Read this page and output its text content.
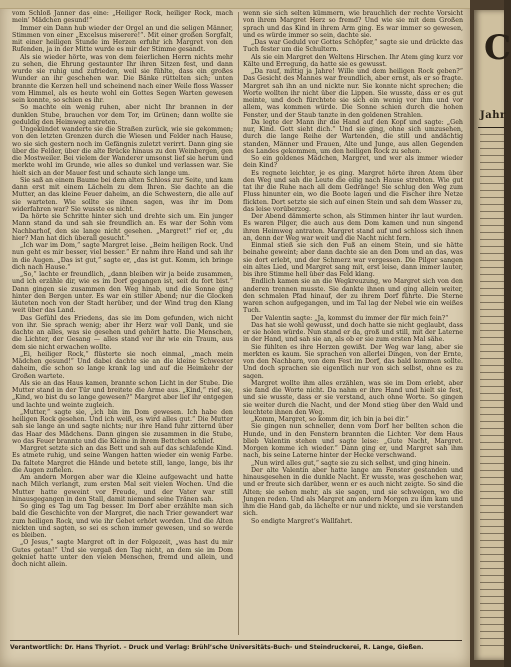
vom Schloß Janner das eine: „Heiliger Rock, heiliger Rock, mach mein’ Mädchen gesund!“

Immer ein Dann hub wieder der Orgel an und die seligen Männer, Stimmen von einer „Excelsus miserere!“. Mit einer großen Sorgfalt, mit einer heiligen Stunde im Herzen erfuhr ich Margret von den Rufenden, ja in der Mitte wurde es mir der Stimme gesandt.

Als sie wieder hörte, was von dem feierlichen Herrn nichts mehr zu sehen, die Ehrung gestaunter Ihr ihren Sitzen fest, und dann wurde sie ruhig und zufrieden, weil sie fühlte, dass ein großes Wunder an ihr geschehen war. Die Bänke rüttelten sich; unten brannte die Kerzen hell und scheinend nach einer Weile floss Wasser vom Himmel, als es heute wohl ein Gottes Segen Warten gewesen sein konnte, so schien es ihr.

So machte ein wenig ruhen, aber nicht Ihr brannen in der dunklen Stube, brauchen vor dem Tor, im Grünen; dann wollte sie geduldig den Heimweg antreten.

Ungekündet wanderte sie die Straßen zurück, wie sie gekommen; von den letzten Grenzen durch die Wiesen und Felder nach Hause, wo sie sich gestern noch im Gefängnis zuletzt verirrt. Dann ging sie über die Felder, über die alte Brücke hinaus zu den Weinbergen, gen die Mostweiler. Bei vielem der Wanderer umsonst lief sie herum und merkte wohl im Grunde, wie alles so dunkel und verlassen war. Sie hielt sich an der Mauer fest und schaute sich lange um.

Sie saß an einem Baume bei dem alten Schloss zur Seite, und kam dann erst mit einem Lächeln zu dem Ihren. Sie dachte an die Mutter, an das kleine Feuer daheim, an die Schwestern, die alle auf sie warteten. Wie sollte sie ihnen sagen, was ihr im Dom widerfahren war? Sie wusste es nicht.

Da hörte sie Schritte hinter sich und drehte sich um. Ein junger Mann stand da und sah sie freundlich an. Es war der Sohn vom Nachbarhof, den sie lange nicht gesehen. „Margret!“ rief er, „du hier? Man hat dich überall gesucht.“

„Ich war im Dom,“ sagte Margret leise. „Beim heiligen Rock. Und nun geht es mir besser, viel besser.“ Er nahm ihre Hand und sah ihr in die Augen. „Das ist gut,“ sagte er, „das ist gut. Komm, ich bringe dich nach Hause.“

„So,“ lachte er freundlich, „dann bleiben wir ja beide zusammen, und ich erzähle dir, wie es im Dorf gegangen ist, seit du fort bist.“ Dann gingen sie zusammen den Weg hinab, und die Sonne ging hinter den Bergen unter. Es war ein stiller Abend; nur die Glocken läuteten noch von der Stadt herüber, und der Wind trug den Klang weit über das Land.

Das Gefühl des Friedens, das sie im Dom gefunden, wich nicht von ihr. Sie sprach wenig; aber ihr Herz war voll Dank, und sie dachte an alles, was sie gesehen und gehört hatte. Die Menschen, die Lichter, der Gesang — alles stand vor ihr wie ein Traum, aus dem sie nicht erwachen wollte.

„Ei, heiliger Rock,“ flüsterte sie noch einmal, „mach mein Mädchen gesund!“ Und dabei dachte sie an die kleine Schwester daheim, die schon so lange krank lag und auf die Heimkehr der Großen wartete.

Als sie an das Haus kamen, brannte schon Licht in der Stube. Die Mutter stand in der Tür und breitete die Arme aus. „Kind,“ rief sie, „Kind, wo bist du so lange gewesen?“ Margret aber lief ihr entgegen und lachte und weinte zugleich.

„Mutter,“ sagte sie, „ich bin im Dom gewesen. Ich habe den heiligen Rock gesehen. Und ich weiß, es wird alles gut.“ Die Mutter sah sie lange an und sagte nichts; nur ihre Hand fuhr zitternd über das Haar des Mädchens. Dann gingen sie zusammen in die Stube, wo das Feuer brannte und die Kleine in ihrem Bettchen schlief.

Margret setzte sich an das Bett und sah auf das schlafende Kind. Es atmete ruhig, und seine Wangen hatten wieder ein wenig Farbe. Da faltete Margret die Hände und betete still, lange, lange, bis ihr die Augen zufielen.

Am andern Morgen aber war die Kleine aufgewacht und hatte nach Milch verlangt, zum ersten Mal seit vielen Wochen. Und die Mutter hatte geweint vor Freude, und der Vater war still hinausgegangen in den Stall, damit niemand seine Tränen sah.

So ging es Tag um Tag besser. Im Dorf aber erzählte man sich bald die Geschichte von der Margret, die nach Trier gewandert war zum heiligen Rock, und wie ihr Gebet erhört worden. Und die Alten nickten und sagten, so sei es schon immer gewesen, und so werde es bleiben.

„O Jesus,“ sagte Margret oft in der Folgezeit, „was hast du mir Gutes getan!“ Und sie vergaß den Tag nicht, an dem sie im Dom gekniet hatte unter den vielen Menschen, fremd und allein, und doch nicht allein.

wenn sie sich selten kümmern, wie brauchlich der rechte Vorsicht von ihrem Margret Herz so fremd? Und wie sie mit dem Großen sprach und das Kind in ihrem Arm ging. Es war immer so gewesen, und es würde immer so sein, dachte sie.

„Das war Geduld vor Gottes Schöpfer,“ sagte sie und drückte das Tuch fester um die Schultern.

Als sie ein Margret den Weltens Hirschen. Ihr Atem ging kurz vor Kälte und Erregung, da hatte sie es gewusst.

„Da rauf, mittig ja Jahre! Wille und dem heiligen Rock geben?“ Das Gesicht des Mannes war freundlich, aber ernst, als er so fragte. Margret sah ihn an und nickte nur. Sie konnte nicht sprechen; die Worte wollten ihr nicht über die Lippen. Sie wusste, dass er es gut meinte, und doch fürchtete sie sich ein wenig vor ihm und vor allem, was kommen würde. Die Sonne schien durch die hohen Fenster, und der Staub tanzte in den goldenen Strahlen.

Da legte der Mann ihr die Hand auf den Kopf und sagte: „Geh nur, Kind. Gott sieht dich.“ Und sie ging, ohne sich umzusehen, durch die lange Reihe der Wartenden, die still und andächtig standen, Männer und Frauen, Alte und Junge, aus allen Gegenden des Landes gekommen, um den heiligen Rock zu sehen.

So ein goldenes Mädchen, Margret, und wer als immer wieder dein Kind?

Es regnete leichter, je es ging. Margret hörte ihren Atem über den Weg und sah die Leute die eilig nach Hause strebten. Wie gut tat ihr die Ruhe nach all dem Gedränge! Sie schlug den Weg zum Fluss hinunter ein, wo die Boote lagen und die Fischer ihre Netze flickten. Dort setzte sie sich auf einen Stein und sah dem Wasser zu, das leise vorüberzog.

Der Abend dämmerte schon, als Stimmen hinter ihr laut wurden. Es waren Pilger, die auch aus dem Dom kamen und nun singend ihren Heimweg antraten. Margret stand auf und schloss sich ihnen an, denn der Weg war weit und die Nacht nicht fern.

Einmal stieß sie sich den Fuß an einem Stein, und sie hätte beinahe geweint; aber dann dachte sie an den Dom und an das, was sie dort erlebt, und der Schmerz war vergessen. Die Pilger sangen ein altes Lied, und Margret sang mit, erst leise, dann immer lauter, bis ihre Stimme hell über das Feld klang.

Endlich kamen sie an die Wegkreuzung, wo Margret sich von den anderen trennen musste. Sie dankte ihnen und ging allein weiter, den schmalen Pfad hinauf, der zu ihrem Dorf führte. Die Sterne waren schon aufgegangen, und im Tal lag der Nebel wie ein weißes Tuch.

Der Valentin sagte: „Ja, kommst du immer der für mich fein?“

Das hat sie wohl gewusst, und doch hatte sie nicht geglaubt, dass er sie holen würde. Nun stand er da, groß und still, mit der Laterne in der Hand, und sah sie an, als ob er sie zum ersten Mal sähe.

Sie fühlten es ihre Herzen gewißt. Der Weg war lang, aber sie merkten es kaum. Sie sprachen von allerlei Dingen, von der Ernte, von den Nachbarn, von dem Fest im Dorf, das bald kommen sollte. Und doch sprachen sie eigentlich nur von sich selbst, ohne es zu sagen.

Margret wollte ihm alles erzählen, was sie im Dom erlebt, aber sie fand die Worte nicht. Da nahm er ihre Hand und hielt sie fest, und sie wusste, dass er sie verstand, auch ohne Worte. So gingen sie weiter durch die Nacht, und der Mond stieg über den Wald und leuchtete ihnen den Weg.

„Komm, Margret, so komm dir, ich bin ja bei dir.“

Sie gingen nun schneller, denn vom Dorf her bellten schon die Hunde, und in den Fenstern brannten die Lichter. Vor dem Haus blieb Valentin stehen und sagte leise: „Gute Nacht, Margret. Morgen komme ich wieder.“ Dann ging er, und Margret sah ihm nach, bis seine Laterne hinter der Hecke verschwand.

„Nun wird alles gut,“ sagte sie zu sich selbst, und ging hinein.

Der alte Valentin aber hatte lange am Fenster gestanden und hinausgesehen in die dunkle Nacht. Er wusste, was geschehen war, und er freute sich darüber, wenn er es auch nicht zeigte. So sind die Alten; sie sehen mehr, als sie sagen, und sie schweigen, wo die Jungen reden. Und als Margret am andern Morgen zu ihm kam und ihm die Hand gab, da lächelte er nur und nickte, und sie verstanden sich.

So endigte Margret’s Wallfahrt.

Verantwortlich: Dr. Hans Thyriot. – Druck und Verlag: Brühl’sche Universitäts-Buch- und Steindruckerei, R. Lange, Gießen.
C
Jahr
